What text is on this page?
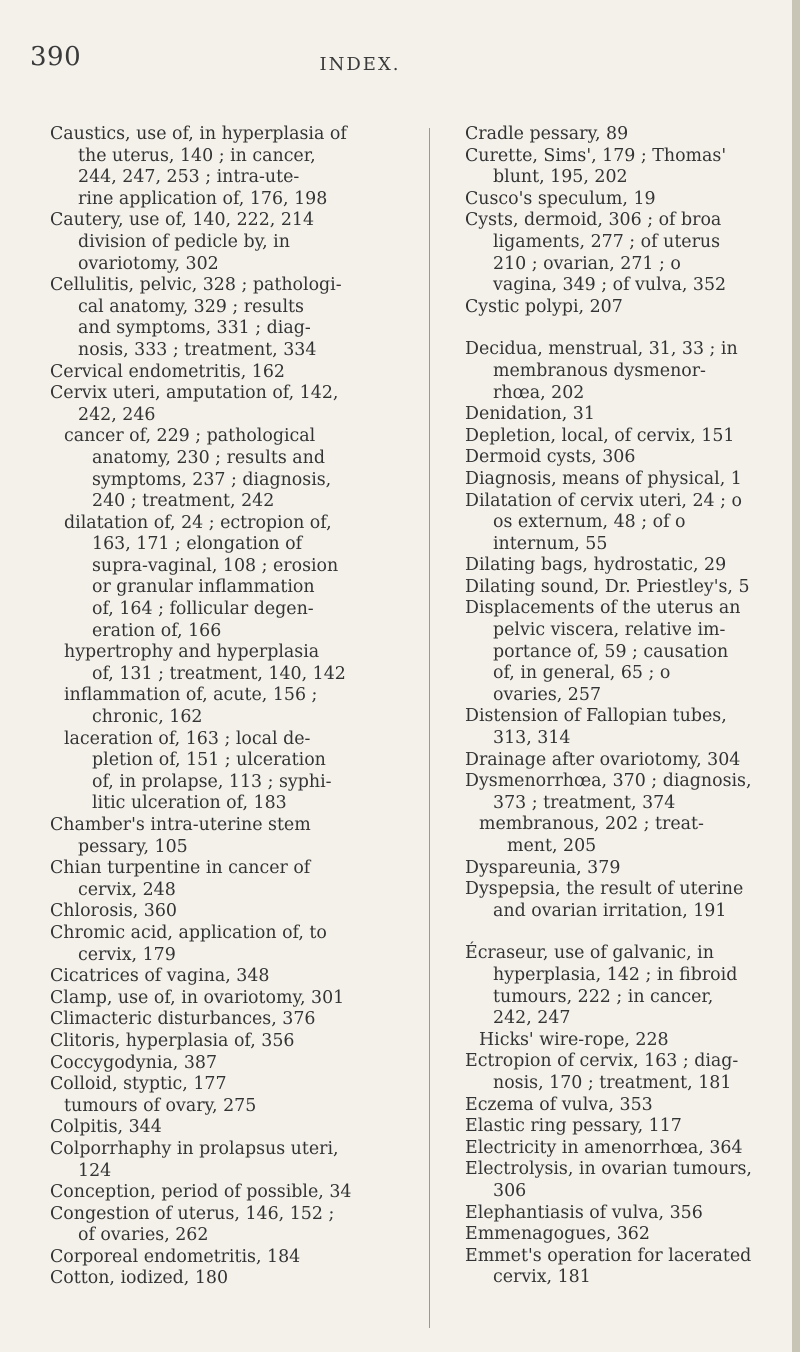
390	INDEX.

Caustics, use of, in hyperplasia of
the uterus, 140 ; in cancer,
244, 247, 253 ; intra-ute-
rine application of, 176, 198

Cautery, use of, 140, 222, 214
division of pedicle by, in
ovariotomy, 302

Cellulitis, pelvic, 328 ; pathologi-
cal anatomy, 329 ; results
and symptoms, 331 ; diag-
nosis, 333 ; treatment, 334

Cervical endometritis, 162

Cervix uteri, amputation of, 142,
242, 246

cancer of, 229 ; pathological
anatomy, 230 ; results and
symptoms, 237 ; diagnosis,
240 ; treatment, 242

dilatation of, 24 ; ectropion of,
163, 171 ; elongation of
supra-vaginal, 108 ; erosion
or granular inflammation
of, 164 ; follicular degen-
eration of, 166

hypertrophy and hyperplasia
of, 131 ; treatment, 140, 142

inflammation of, acute, 156 ;
chronic, 162

laceration of, 163 ; local de-
pletion of, 151 ; ulceration
of, in prolapse, 113 ; syphi-
litic ulceration of, 183

Chamber's intra-uterine stem
pessary, 105

Chian turpentine in cancer of
cervix, 248

Chlorosis, 360

Chromic acid, application of, to
cervix, 179

Cicatrices of vagina, 348

Clamp, use of, in ovariotomy, 301

Climacteric disturbances, 376

Clitoris, hyperplasia of, 356

Coccygodynia, 387

Colloid, styptic, 177

tumours of ovary, 275

Colpitis, 344

Colporrhaphy in prolapsus uteri,
124

Conception, period of possible, 34

Congestion of uterus, 146, 152 ;
of ovaries, 262

Corporeal endometritis, 184

Cotton, iodized, 180

Cradle pessary, 89

Curette, Sims', 179 ; Thomas'
blunt, 195, 202

Cusco's speculum, 19

Cysts, dermoid, 306 ; of broa
ligaments, 277 ; of uterus
210 ; ovarian, 271 ; o
vagina, 349 ; of vulva, 352

Cystic polypi, 207

Decidua, menstrual, 31, 33 ; in
membranous dysmenor-
rhœa, 202

Denidation, 31

Depletion, local, of cervix, 151

Dermoid cysts, 306

Diagnosis, means of physical, 1

Dilatation of cervix uteri, 24 ; o
os externum, 48 ; of o
internum, 55

Dilating bags, hydrostatic, 29

Dilating sound, Dr. Priestley's, 5

Displacements of the uterus an
pelvic viscera, relative im-
portance of, 59 ; causation
of, in general, 65 ; o
ovaries, 257

Distension of Fallopian tubes,
313, 314

Drainage after ovariotomy, 304

Dysmenorrhœa, 370 ; diagnosis,
373 ; treatment, 374

membranous, 202 ; treat-
ment, 205

Dyspareunia, 379

Dyspepsia, the result of uterine
and ovarian irritation, 191

Écraseur, use of galvanic, in
hyperplasia, 142 ; in fibroid
tumours, 222 ; in cancer,
242, 247

Hicks' wire-rope, 228

Ectropion of cervix, 163 ; diag-
nosis, 170 ; treatment, 181

Eczema of vulva, 353

Elastic ring pessary, 117

Electricity in amenorrhœa, 364

Electrolysis, in ovarian tumours,
306

Elephantiasis of vulva, 356

Emmenagogues, 362

Emmet's operation for lacerated
cervix, 181
